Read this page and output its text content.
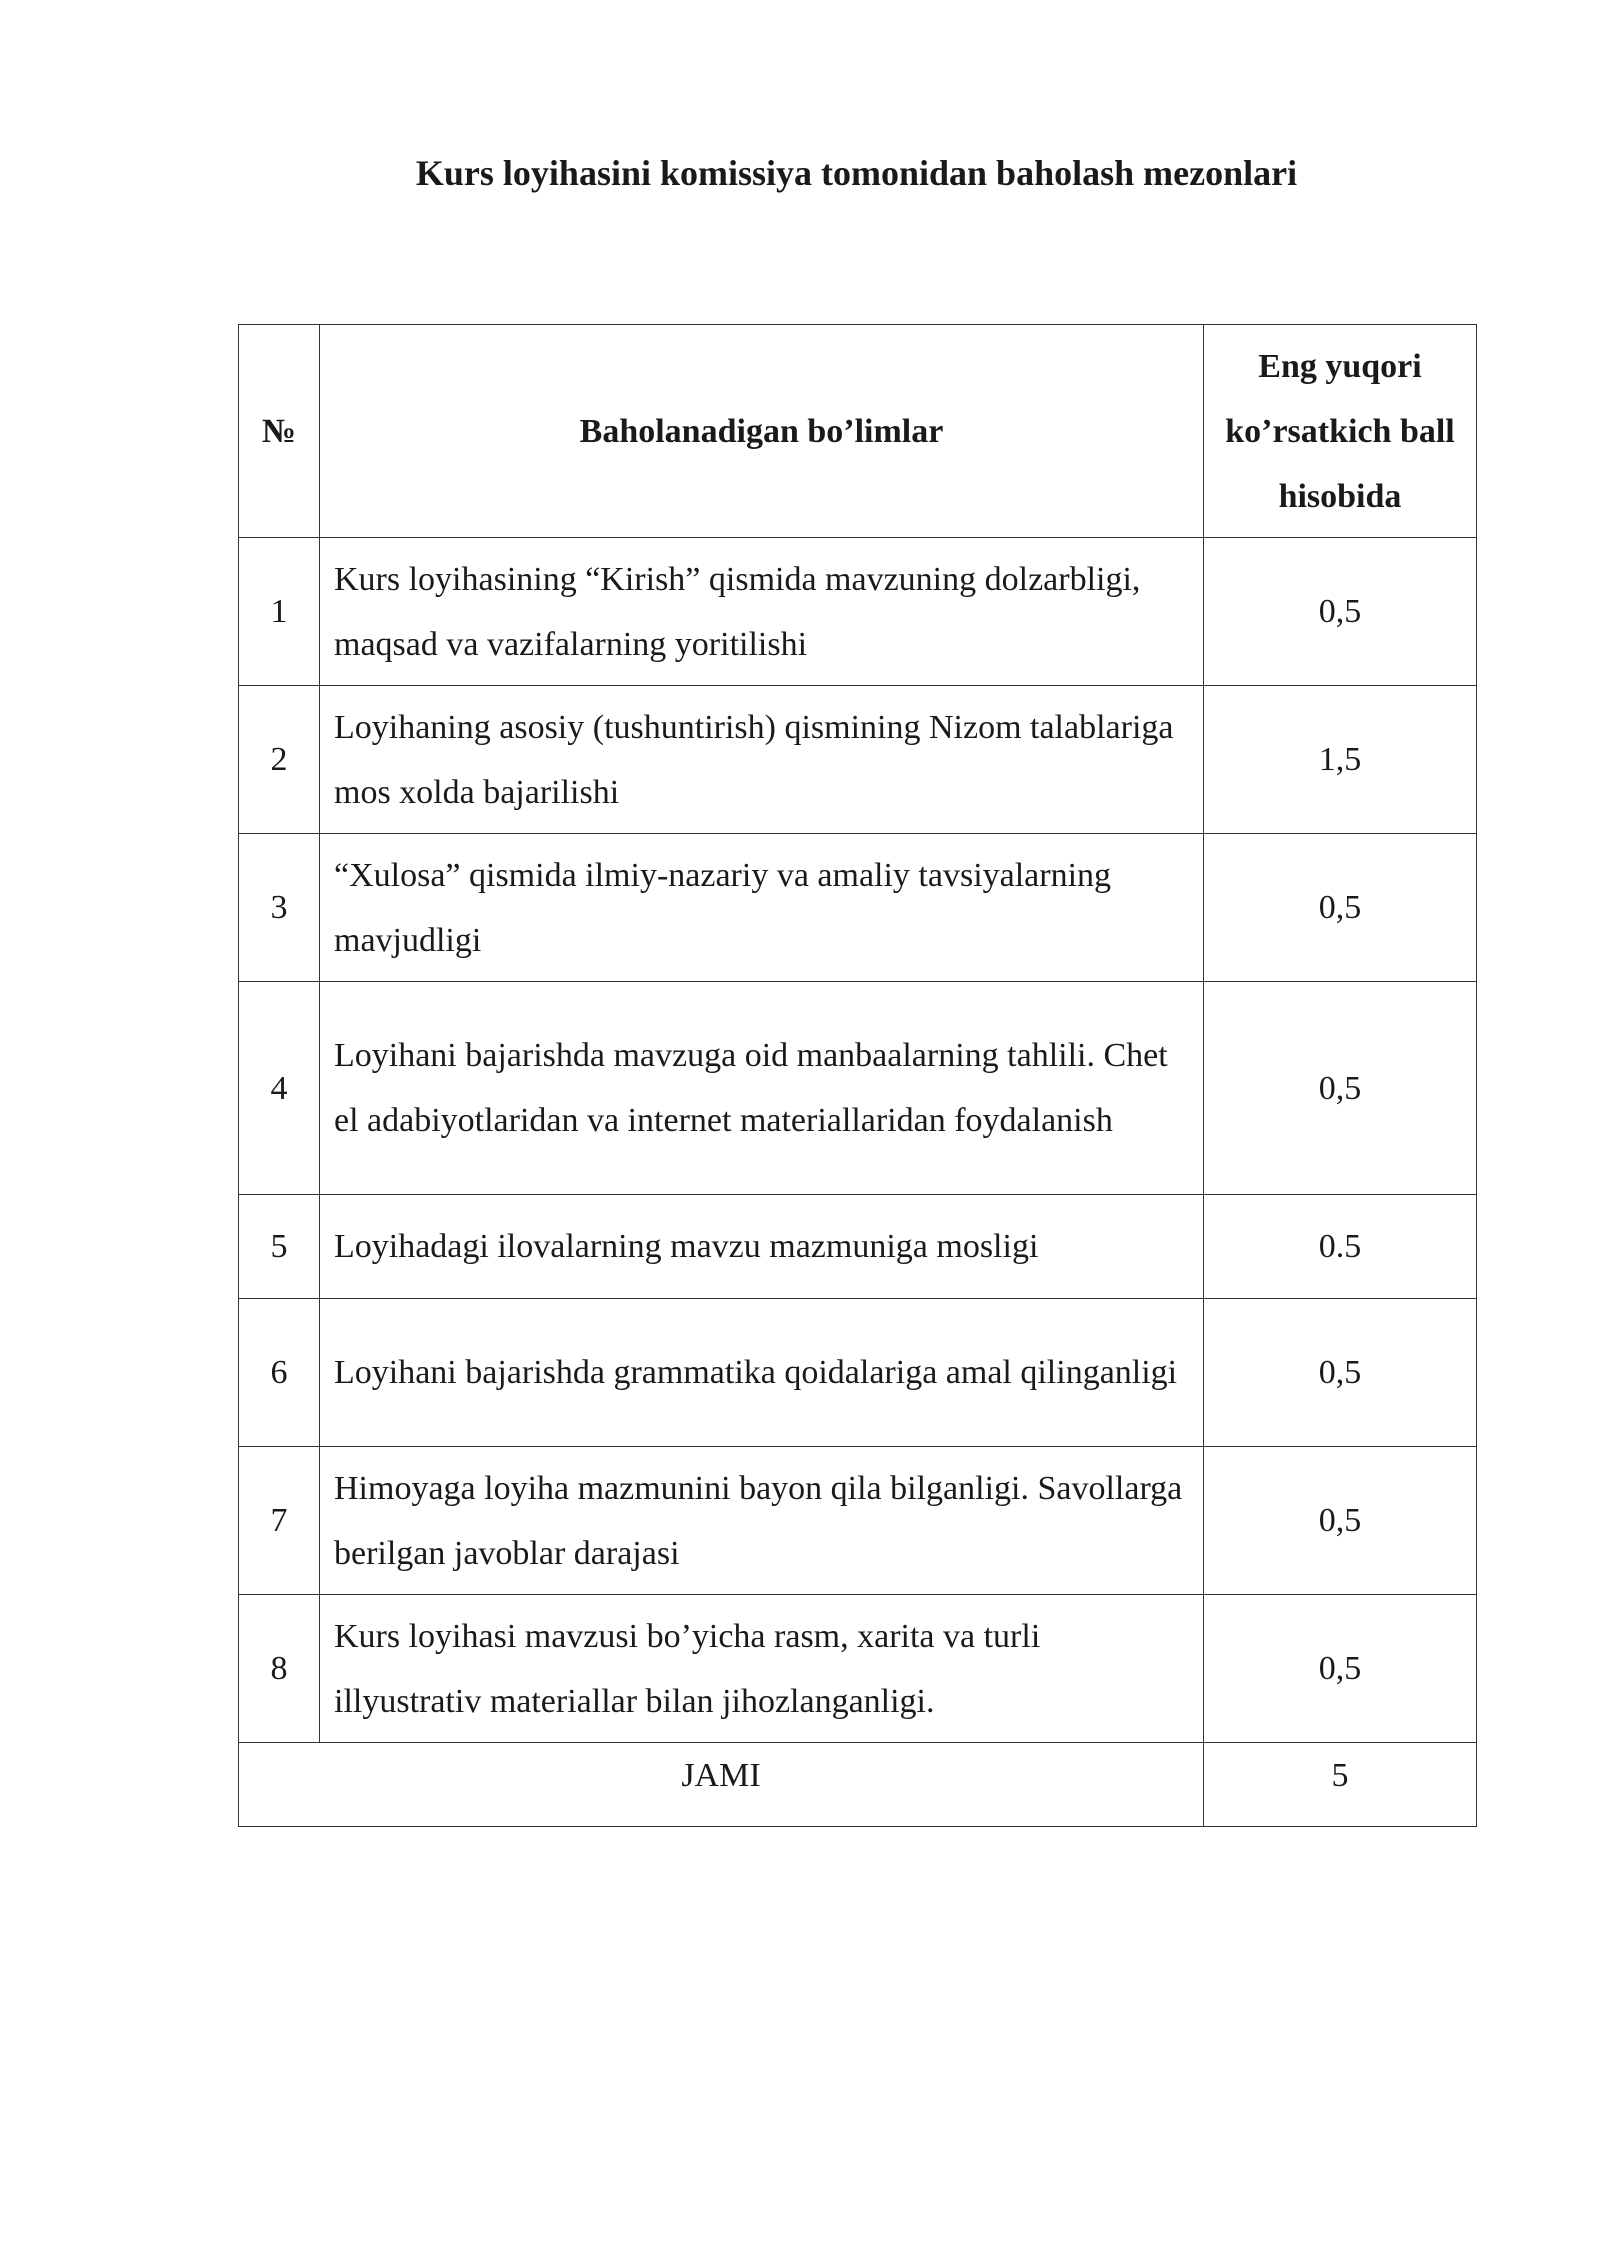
Kurs loyihasini komissiya tomonidan baholash mezonlari
№	Baholanadigan bo’limlar	Eng yuqori ko’rsatkich ball hisobida
1	Kurs loyihasining “Kirish” qismida mavzuning dolzarbligi, maqsad va vazifalarning yoritilishi	0,5
2	Loyihaning asosiy (tushuntirish) qismining Nizom talablariga mos xolda bajarilishi	1,5
3	“Xulosa” qismida ilmiy-nazariy va amaliy tavsiyalarning mavjudligi	0,5
4	Loyihani bajarishda mavzuga oid manbaalarning tahlili. Chet el adabiyotlaridan va internet materiallaridan foydalanish	0,5
5	Loyihadagi ilovalarning mavzu mazmuniga mosligi	0.5
6	Loyihani bajarishda grammatika qoidalariga amal qilinganligi	0,5
7	Himoyaga loyiha mazmunini bayon qila bilganligi. Savollarga berilgan javoblar darajasi	0,5
8	Kurs loyihasi mavzusi bo’yicha rasm, xarita va turli illyustrativ materiallar bilan jihozlanganligi.	0,5
JAMI		5
